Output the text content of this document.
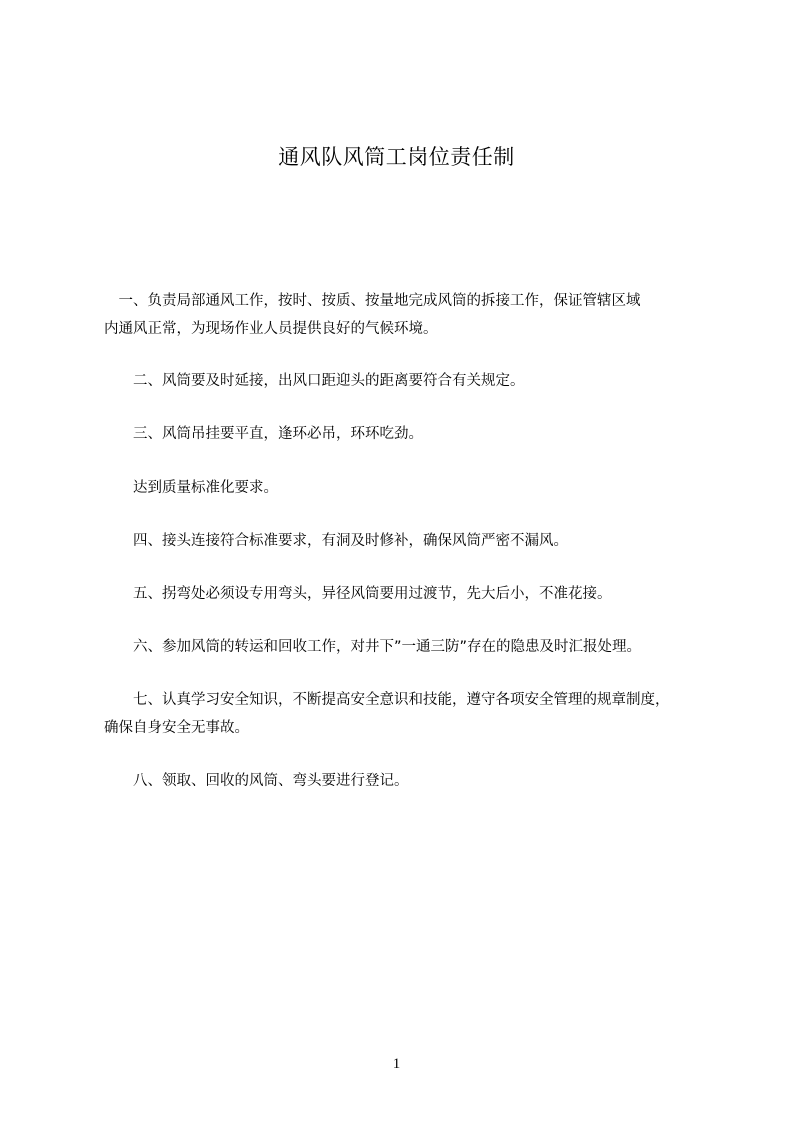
通风队风筒工岗位责任制

　一、负责局部通风工作，按时、按质、按量地完成风筒的拆接工作，保证管辖区域
内通风正常，为现场作业人员提供良好的气候环境。

　　二、风筒要及时延接，出风口距迎头的距离要符合有关规定。

　　三、风筒吊挂要平直，逢环必吊，环环吃劲。

　　达到质量标准化要求。

　　四、接头连接符合标准要求，有洞及时修补，确保风筒严密不漏风。

　　五、拐弯处必须设专用弯头，异径风筒要用过渡节，先大后小，不准花接。

　　六、参加风筒的转运和回收工作，对井下”一通三防”存在的隐患及时汇报处理。

　　七、认真学习安全知识，不断提高安全意识和技能，遵守各项安全管理的规章制度，
确保自身安全无事故。

　　八、领取、回收的风筒、弯头要进行登记。

1
